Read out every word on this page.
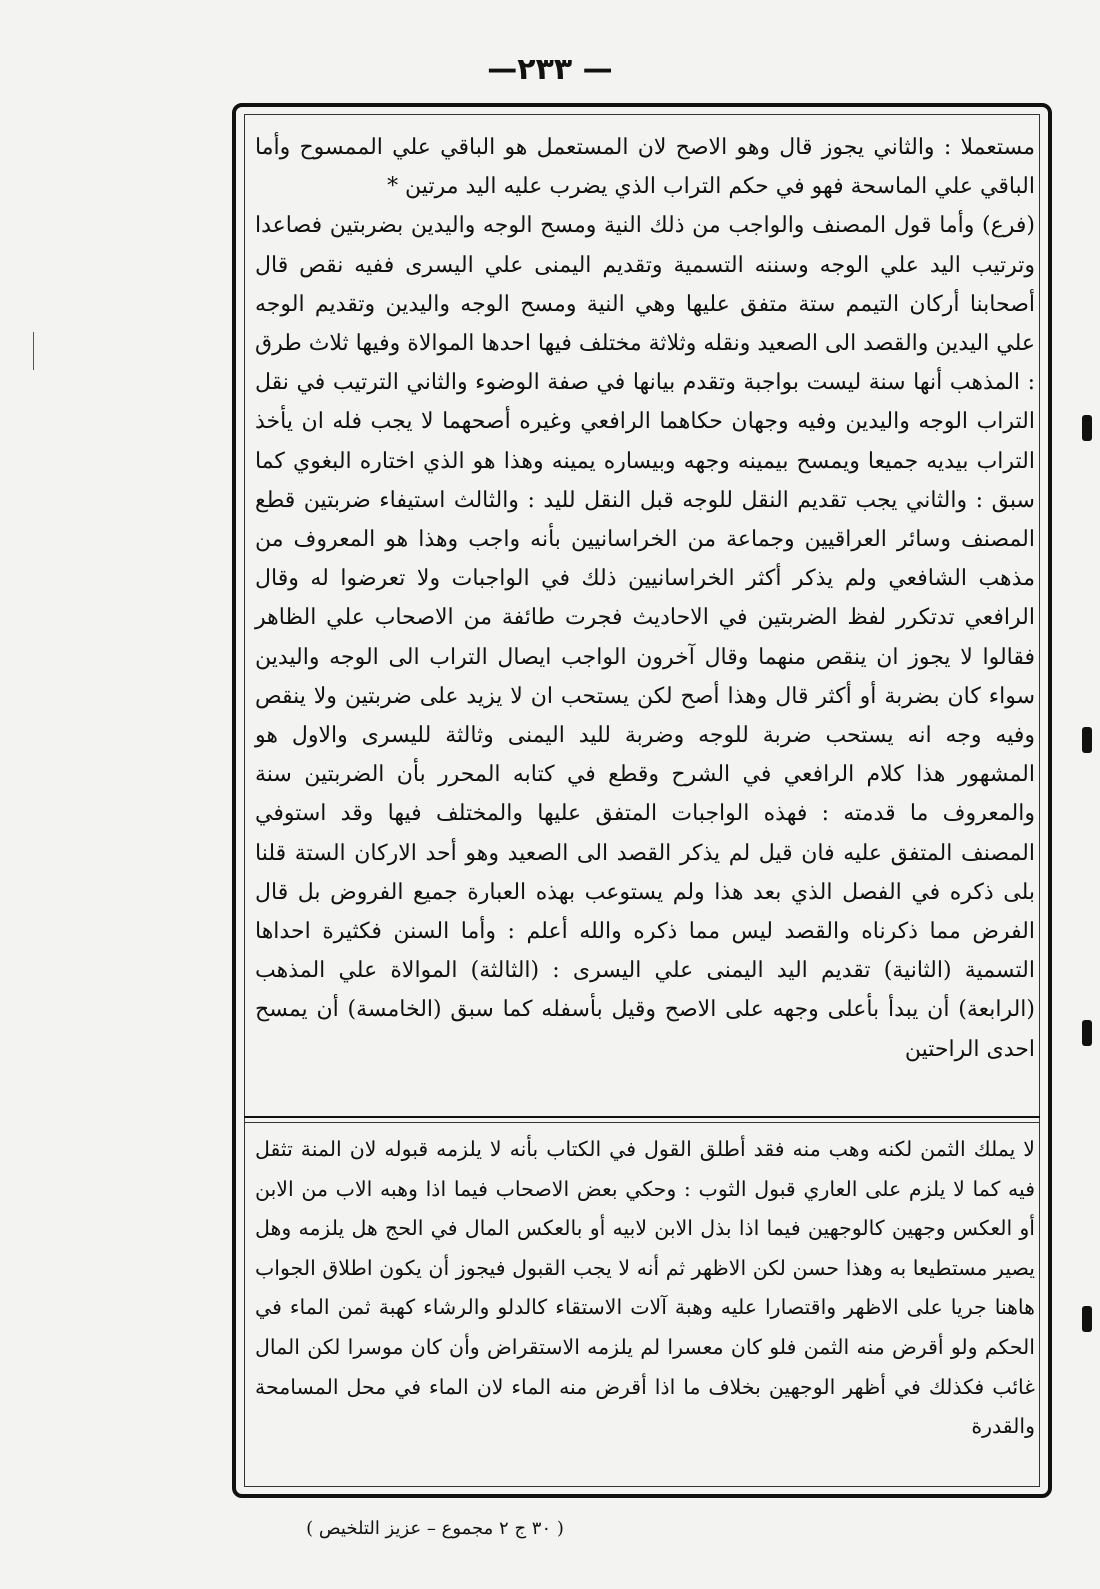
—۲۳۳ —

مستعملا : والثاني يجوز قال وهو الاصح لان المستعمل هو الباقي علي الممسوح وأما الباقي علي الماسحة فهو في حكم التراب الذي يضرب عليه اليد مرتين *

(فرع) وأما قول المصنف والواجب من ذلك النية ومسح الوجه واليدين بضربتين فصاعدا وترتيب اليد علي الوجه وسننه التسمية وتقديم اليمنى علي اليسرى ففيه نقص قال أصحابنا أركان التيمم ستة متفق عليها وهي النية ومسح الوجه واليدين وتقديم الوجه علي اليدين والقصد الى الصعيد ونقله وثلاثة مختلف فيها احدها الموالاة وفيها ثلاث طرق : المذهب أنها سنة ليست بواجبة وتقدم بيانها في صفة الوضوء والثاني الترتيب في نقل التراب الوجه واليدين وفيه وجهان حكاهما الرافعي وغيره أصحهما لا يجب فله ان يأخذ التراب بيديه جميعا ويمسح بيمينه وجهه وبيساره يمينه وهذا هو الذي اختاره البغوي كما سبق : والثاني يجب تقديم النقل للوجه قبل النقل لليد : والثالث استيفاء ضربتين قطع المصنف وسائر العراقيين وجماعة من الخراسانيين بأنه واجب وهذا هو المعروف من مذهب الشافعي ولم يذكر أكثر الخراسانيين ذلك في الواجبات ولا تعرضوا له وقال الرافعي تدتكرر لفظ الضربتين في الاحاديث فجرت طائفة من الاصحاب علي الظاهر فقالوا لا يجوز ان ينقص منهما وقال آخرون الواجب ايصال التراب الى الوجه واليدين سواء كان بضربة أو أكثر قال وهذا أصح لكن يستحب ان لا يزيد على ضربتين ولا ينقص وفيه وجه انه يستحب ضربة للوجه وضربة لليد اليمنى وثالثة لليسرى والاول هو المشهور هذا كلام الرافعي في الشرح وقطع في كتابه المحرر بأن الضربتين سنة والمعروف ما قدمته : فهذه الواجبات المتفق عليها والمختلف فيها وقد استوفي المصنف المتفق عليه فان قيل لم يذكر القصد الى الصعيد وهو أحد الاركان الستة قلنا بلى ذكره في الفصل الذي بعد هذا ولم يستوعب بهذه العبارة جميع الفروض بل قال الفرض مما ذكرناه والقصد ليس مما ذكره والله أعلم : وأما السنن فكثيرة احداها التسمية (الثانية) تقديم اليد اليمنى علي اليسرى : (الثالثة) الموالاة علي المذهب (الرابعة) أن يبدأ بأعلى وجهه على الاصح وقيل بأسفله كما سبق (الخامسة) أن يمسح احدى الراحتين

لا يملك الثمن لكنه وهب منه فقد أطلق القول في الكتاب بأنه لا يلزمه قبوله لان المنة تثقل فيه كما لا يلزم على العاري قبول الثوب : وحكي بعض الاصحاب فيما اذا وهبه الاب من الابن أو العكس وجهين كالوجهين فيما اذا بذل الابن لابيه أو بالعكس المال في الحج هل يلزمه وهل يصير مستطيعا به وهذا حسن لكن الاظهر ثم أنه لا يجب القبول فيجوز أن يكون اطلاق الجواب هاهنا جريا على الاظهر واقتصارا عليه وهبة آلات الاستقاء كالدلو والرشاء كهبة ثمن الماء في الحكم ولو أقرض منه الثمن فلو كان معسرا لم يلزمه الاستقراض وأن كان موسرا لكن المال غائب فكذلك في أظهر الوجهين بخلاف ما اذا أقرض منه الماء لان الماء في محل المسامحة والقدرة

( ٣٠ ج ٢ مجموع – عزيز التلخيص )
